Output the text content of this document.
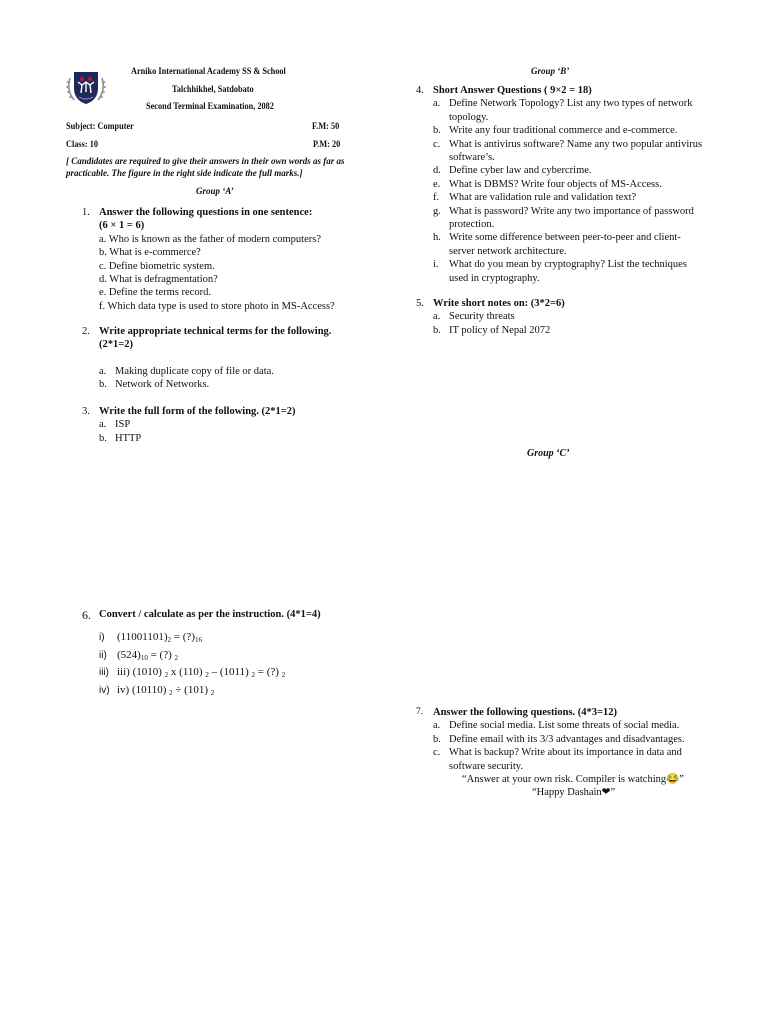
Arniko International Academy SS & School
Talchhikhel, Satdobato
Second Terminal Examination, 2082
Subject: Computer	F.M: 50
Class: 10	P.M: 20
[ Candidates are required to give their answers in their own words as far as practicable. The figure in the right side indicate the full marks.]
Group ‘A’
1. Answer the following questions in one sentence:
(6 × 1 = 6)
a. Who is known as the father of modern computers?
b. What is e-commerce?
c. Define biometric system.
d. What is defragmentation?
e. Define the terms record.
f. Which data type is used to store photo in MS-Access?
2. Write appropriate technical terms for the following.
(2*1=2)
a. Making duplicate copy of file or data.
b. Network of Networks.
3. Write the full form of the following. (2*1=2)
a. ISP
b. HTTP
6. Convert / calculate as per the instruction. (4*1=4)
i) $(11001101)_2$ = $(?)_{16}$
ii) $(524)_{10}$ = (?) $_2$
iii) iii) (1010) $_2$ x (110) $_2$ – (1011) $_2$ = (?) $_2$
iv) iv) (10110) $_2$ ÷ (101) $_2$
Group ‘B’
4. Short Answer Questions ( 9×2 = 18)
a. Define Network Topology? List any two types of network topology.
b. Write any four traditional commerce and e-commerce.
c. What is antivirus software? Name any two popular antivirus software’s.
d. Define cyber law and cybercrime.
e. What is DBMS? Write four objects of MS-Access.
f. What are validation rule and validation text?
g. What is password? Write any two importance of password protection.
h. Write some difference between peer-to-peer and client-server network architecture.
i. What do you mean by cryptography? List the techniques used in cryptography.
5. Write short notes on: (3*2=6)
a. Security threats
b. IT policy of Nepal 2072
Group ‘C’
7. Answer the following questions. (4*3=12)
a. Define social media. List some threats of social media.
b. Define email with its 3/3 advantages and disadvantages.
c. What is backup? Write about its importance in data and software security.
“Answer at your own risk. Compiler is watching😂”
“Happy Dashain❤”
